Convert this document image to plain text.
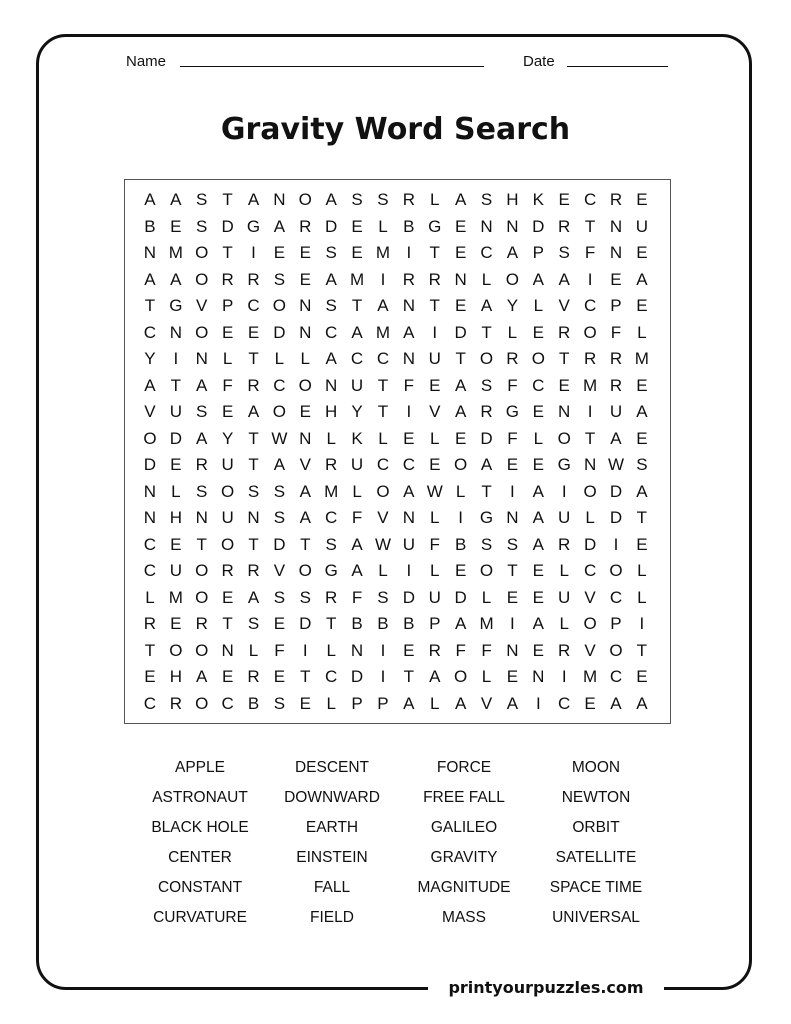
Name	Date
Gravity Word Search
A A S T A N O A S S R L A S H K E C R E
B E S D G A R D E L B G E N N D R T N U
N M O T	I	E E S E M I	T E C A P S F N E
A A O R R S E A M I	R R N L O A A	I	E A
T G V P C O N S T A N T E A Y L V C P E
C N O E E D N C A M A	I	D T L E R O F L
Y	I	N L T L L A C C N U T O R O T R R M
A T A F R C O N U T F E A S F C E M R E
V U S E A O E H Y T	I	V A R G E N	I	U A
O D A Y T W N L K L E L E D F L O T A E
D E R U T A V R U C C E O A E E G N W S
N L S O S S A M L O A W L T	I	A	I O D A
N H N U N S A C F V N L	I G N A U L D T
C E T O T D T S A W U F B S S A R D	I	E
C U O R R V O G A L	I	L E O T E L C O L
L M O E A S S R F S D U D L E E U V C L
R E R T S E D T B B B P A M I	A L O P	I
T O O N L F	I	L N	I	E R F F N E R V O T
E H A E R E T C D	I	T A O L E N	I M C E
C R O C B S E L P P A L A V A	I	C E A A
APPLE	DESCENT	FORCE	MOON
ASTRONAUT	DOWNWARD	FREE FALL	NEWTON
BLACK HOLE	EARTH	GALILEO	ORBIT
CENTER	EINSTEIN	GRAVITY	SATELLITE
CONSTANT	FALL	MAGNITUDE	SPACE TIME
CURVATURE	FIELD	MASS	UNIVERSAL
printyourpuzzles.com
